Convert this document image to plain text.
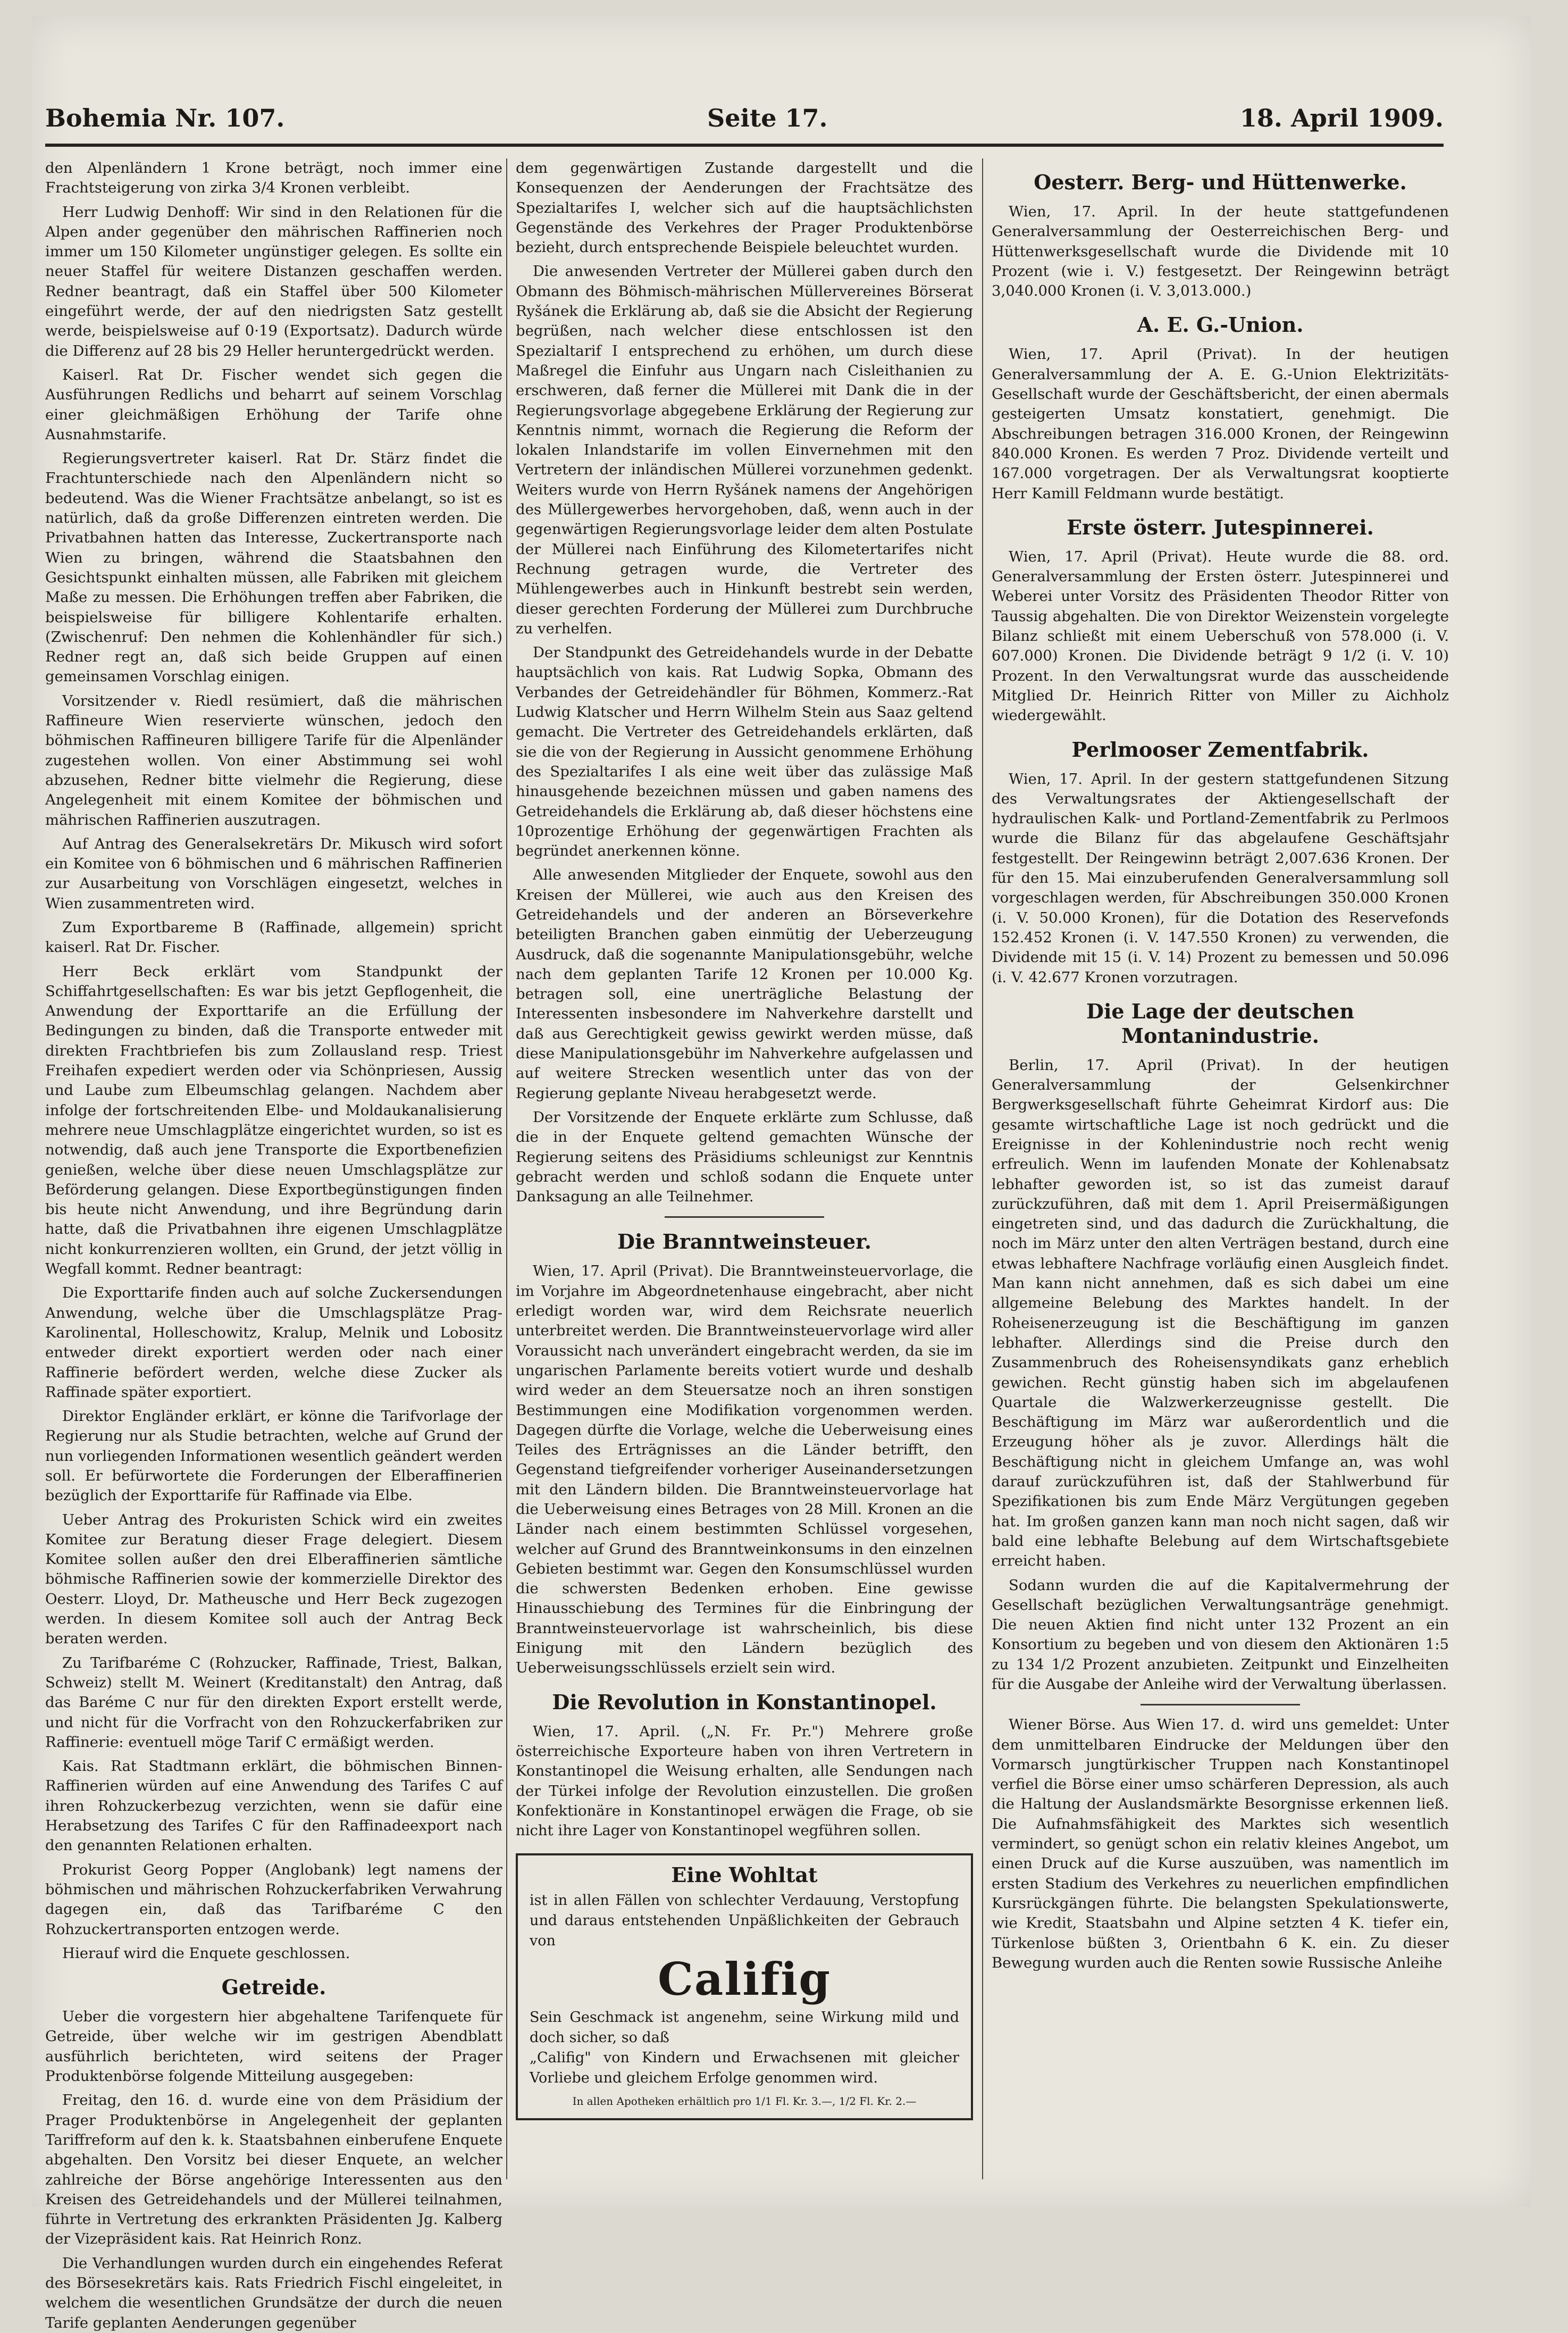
Bohemia Nr. 107.	Seite 17.	18. April 1909.

den Alpenländern 1 Krone beträgt, noch immer eine Frachtsteigerung von zirka 3/4 Kronen verbleibt.

Herr Ludwig Denhoff: Wir sind in den Relationen für die Alpen ander gegenüber den mährischen Raffinerien noch immer um 150 Kilometer ungünstiger gelegen. Es sollte ein neuer Staffel für weitere Distanzen geschaffen werden. Redner beantragt, daß ein Staffel über 500 Kilometer eingeführt werde, der auf den niedrigsten Satz gestellt werde, beispielsweise auf 0·19 (Exportsatz). Dadurch würde die Differenz auf 28 bis 29 Heller heruntergedrückt werden.

Kaiserl. Rat Dr. Fischer wendet sich gegen die Ausführungen Redlichs und beharrt auf seinem Vorschlag einer gleichmäßigen Erhöhung der Tarife ohne Ausnahmstarife.

Regierungsvertreter kaiserl. Rat Dr. Stärz findet die Frachtunterschiede nach den Alpenländern nicht so bedeutend. Was die Wiener Frachtsätze anbelangt, so ist es natürlich, daß da große Differenzen eintreten werden. Die Privatbahnen hatten das Interesse, Zuckertransporte nach Wien zu bringen, während die Staatsbahnen den Gesichtspunkt einhalten müssen, alle Fabriken mit gleichem Maße zu messen. Die Erhöhungen treffen aber Fabriken, die beispielsweise für billigere Kohlentarife erhalten. (Zwischenruf: Den nehmen die Kohlenhändler für sich.) Redner regt an, daß sich beide Gruppen auf einen gemeinsamen Vorschlag einigen.

Vorsitzender v. Riedl resümiert, daß die mährischen Raffineure Wien reservierte wünschen, jedoch den böhmischen Raffineuren billigere Tarife für die Alpenländer zugestehen wollen. Von einer Abstimmung sei wohl abzusehen, Redner bitte vielmehr die Regierung, diese Angelegenheit mit einem Komitee der böhmischen und mährischen Raffinerien auszutragen.

Auf Antrag des Generalsekretärs Dr. Mikusch wird sofort ein Komitee von 6 böhmischen und 6 mährischen Raffinerien zur Ausarbeitung von Vorschlägen eingesetzt, welches in Wien zusammentreten wird.

Zum Exportbareme B (Raffinade, allgemein) spricht kaiserl. Rat Dr. Fischer.

Herr Beck erklärt vom Standpunkt der Schiffahrtgesellschaften: Es war bis jetzt Gepflogenheit, die Anwendung der Exporttarife an die Erfüllung der Bedingungen zu binden, daß die Transporte entweder mit direkten Frachtbriefen bis zum Zollausland resp. Triest Freihafen expediert werden oder via Schönpriesen, Aussig und Laube zum Elbeumschlag gelangen. Nachdem aber infolge der fortschreitenden Elbe- und Moldaukanalisierung mehrere neue Umschlagplätze eingerichtet wurden, so ist es notwendig, daß auch jene Transporte die Exportbenefizien genießen, welche über diese neuen Umschlagsplätze zur Beförderung gelangen. Diese Exportbegünstigungen finden bis heute nicht Anwendung, und ihre Begründung darin hatte, daß die Privatbahnen ihre eigenen Umschlagplätze nicht konkurrenzieren wollten, ein Grund, der jetzt völlig in Wegfall kommt. Redner beantragt:

Die Exporttarife finden auch auf solche Zuckersendungen Anwendung, welche über die Umschlagsplätze Prag-Karolinental, Holleschowitz, Kralup, Melnik und Lobositz entweder direkt exportiert werden oder nach einer Raffinerie befördert werden, welche diese Zucker als Raffinade später exportiert.

Direktor Engländer erklärt, er könne die Tarifvorlage der Regierung nur als Studie betrachten, welche auf Grund der nun vorliegenden Informationen wesentlich geändert werden soll. Er befürwortete die Forderungen der Elberaffinerien bezüglich der Exporttarife für Raffinade via Elbe.

Ueber Antrag des Prokuristen Schick wird ein zweites Komitee zur Beratung dieser Frage delegiert. Diesem Komitee sollen außer den drei Elberaffinerien sämtliche böhmische Raffinerien sowie der kommerzielle Direktor des Oesterr. Lloyd, Dr. Matheusche und Herr Beck zugezogen werden. In diesem Komitee soll auch der Antrag Beck beraten werden.

Zu Tarifbaréme C (Rohzucker, Raffinade, Triest, Balkan, Schweiz) stellt M. Weinert (Kreditanstalt) den Antrag, daß das Baréme C nur für den direkten Export erstellt werde, und nicht für die Vorfracht von den Rohzuckerfabriken zur Raffinerie: eventuell möge Tarif C ermäßigt werden.

Kais. Rat Stadtmann erklärt, die böhmischen Binnen-Raffinerien würden auf eine Anwendung des Tarifes C auf ihren Rohzuckerbezug verzichten, wenn sie dafür eine Herabsetzung des Tarifes C für den Raffinadeexport nach den genannten Relationen erhalten.

Prokurist Georg Popper (Anglobank) legt namens der böhmischen und mährischen Rohzuckerfabriken Verwahrung dagegen ein, daß das Tarifbaréme C den Rohzuckertransporten entzogen werde.

Hierauf wird die Enquete geschlossen.

Getreide.

Ueber die vorgestern hier abgehaltene Tarifenquete für Getreide, über welche wir im gestrigen Abendblatt ausführlich berichteten, wird seitens der Prager Produktenbörse folgende Mitteilung ausgegeben:

Freitag, den 16. d. wurde eine von dem Präsidium der Prager Produktenbörse in Angelegenheit der geplanten Tariffreform auf den k. k. Staatsbahnen einberufene Enquete abgehalten. Den Vorsitz bei dieser Enquete, an welcher zahlreiche der Börse angehörige Interessenten aus den Kreisen des Getreidehandels und der Müllerei teilnahmen, führte in Vertretung des erkrankten Präsidenten Jg. Kalberg der Vizepräsident kais. Rat Heinrich Ronz.

Die Verhandlungen wurden durch ein eingehendes Referat des Börsesekretärs kais. Rats Friedrich Fischl eingeleitet, in welchem die wesentlichen Grundsätze der durch die neuen Tarife geplanten Aenderungen gegenüber

dem gegenwärtigen Zustande dargestellt und die Konsequenzen der Aenderungen der Frachtsätze des Spezialtarifes I, welcher sich auf die hauptsächlichsten Gegenstände des Verkehres der Prager Produktenbörse bezieht, durch entsprechende Beispiele beleuchtet wurden.

Die anwesenden Vertreter der Müllerei gaben durch den Obmann des Böhmisch-mährischen Müllervereines Börserat Ryšánek die Erklärung ab, daß sie die Absicht der Regierung begrüßen, nach welcher diese entschlossen ist den Spezialtarif I entsprechend zu erhöhen, um durch diese Maßregel die Einfuhr aus Ungarn nach Cisleithanien zu erschweren, daß ferner die Müllerei mit Dank die in der Regierungsvorlage abgegebene Erklärung der Regierung zur Kenntnis nimmt, wornach die Regierung die Reform der lokalen Inlandstarife im vollen Einvernehmen mit den Vertretern der inländischen Müllerei vorzunehmen gedenkt. Weiters wurde von Herrn Ryšánek namens der Angehörigen des Müllergewerbes hervorgehoben, daß, wenn auch in der gegenwärtigen Regierungsvorlage leider dem alten Postulate der Müllerei nach Einführung des Kilometertarifes nicht Rechnung getragen wurde, die Vertreter des Mühlengewerbes auch in Hinkunft bestrebt sein werden, dieser gerechten Forderung der Müllerei zum Durchbruche zu verhelfen.

Der Standpunkt des Getreidehandels wurde in der Debatte hauptsächlich von kais. Rat Ludwig Sopka, Obmann des Verbandes der Getreidehändler für Böhmen, Kommerz.-Rat Ludwig Klatscher und Herrn Wilhelm Stein aus Saaz geltend gemacht. Die Vertreter des Getreidehandels erklärten, daß sie die von der Regierung in Aussicht genommene Erhöhung des Spezialtarifes I als eine weit über das zulässige Maß hinausgehende bezeichnen müssen und gaben namens des Getreidehandels die Erklärung ab, daß dieser höchstens eine 10prozentige Erhöhung der gegenwärtigen Frachten als begründet anerkennen könne.

Alle anwesenden Mitglieder der Enquete, sowohl aus den Kreisen der Müllerei, wie auch aus den Kreisen des Getreidehandels und der anderen an Börseverkehre beteiligten Branchen gaben einmütig der Ueberzeugung Ausdruck, daß die sogenannte Manipulationsgebühr, welche nach dem geplanten Tarife 12 Kronen per 10.000 Kg. betragen soll, eine unerträgliche Belastung der Interessenten insbesondere im Nahverkehre darstellt und daß aus Gerechtigkeit gewiss gewirkt werden müsse, daß diese Manipulationsgebühr im Nahverkehre aufgelassen und auf weitere Strecken wesentlich unter das von der Regierung geplante Niveau herabgesetzt werde.

Der Vorsitzende der Enquete erklärte zum Schlusse, daß die in der Enquete geltend gemachten Wünsche der Regierung seitens des Präsidiums schleunigst zur Kenntnis gebracht werden und schloß sodann die Enquete unter Danksagung an alle Teilnehmer.

Die Branntweinsteuer.

Wien, 17. April (Privat). Die Branntweinsteuervorlage, die im Vorjahre im Abgeordnetenhause eingebracht, aber nicht erledigt worden war, wird dem Reichsrate neuerlich unterbreitet werden. Die Branntweinsteuervorlage wird aller Voraussicht nach unverändert eingebracht werden, da sie im ungarischen Parlamente bereits votiert wurde und deshalb wird weder an dem Steuersatze noch an ihren sonstigen Bestimmungen eine Modifikation vorgenommen werden. Dagegen dürfte die Vorlage, welche die Ueberweisung eines Teiles des Erträgnisses an die Länder betrifft, den Gegenstand tiefgreifender vorheriger Auseinandersetzungen mit den Ländern bilden. Die Branntweinsteuervorlage hat die Ueberweisung eines Betrages von 28 Mill. Kronen an die Länder nach einem bestimmten Schlüssel vorgesehen, welcher auf Grund des Branntweinkonsums in den einzelnen Gebieten bestimmt war. Gegen den Konsumschlüssel wurden die schwersten Bedenken erhoben. Eine gewisse Hinausschiebung des Termines für die Einbringung der Branntweinsteuervorlage ist wahrscheinlich, bis diese Einigung mit den Ländern bezüglich des Ueberweisungsschlüssels erzielt sein wird.

Die Revolution in Konstantinopel.

Wien, 17. April. („N. Fr. Pr.") Mehrere große österreichische Exporteure haben von ihren Vertretern in Konstantinopel die Weisung erhalten, alle Sendungen nach der Türkei infolge der Revolution einzustellen. Die großen Konfektionäre in Konstantinopel erwägen die Frage, ob sie nicht ihre Lager von Konstantinopel wegführen sollen.

Eine Wohltat
ist in allen Fällen von schlechter Verdauung, Verstopfung und daraus entstehenden Unpäßlichkeiten der Gebrauch von
Califig
Sein Geschmack ist angenehm, seine Wirkung mild und doch sicher, so daß
„Califig" von Kindern und Erwachsenen mit gleicher Vorliebe und gleichem Erfolge genommen wird.
In allen Apotheken erhältlich pro 1/1 Fl. Kr. 3.—, 1/2 Fl. Kr. 2.—
Oesterr. Berg- und Hüttenwerke.

Wien, 17. April. In der heute stattgefundenen Generalversammlung der Oesterreichischen Berg- und Hüttenwerksgesellschaft wurde die Dividende mit 10 Prozent (wie i. V.) festgesetzt. Der Reingewinn beträgt 3,040.000 Kronen (i. V. 3,013.000.)

A. E. G.-Union.

Wien, 17. April (Privat). In der heutigen Generalversammlung der A. E. G.-Union Elektrizitäts-Gesellschaft wurde der Geschäftsbericht, der einen abermals gesteigerten Umsatz konstatiert, genehmigt. Die Abschreibungen betragen 316.000 Kronen, der Reingewinn 840.000 Kronen. Es werden 7 Proz. Dividende verteilt und 167.000 vorgetragen. Der als Verwaltungsrat kooptierte Herr Kamill Feldmann wurde bestätigt.

Erste österr. Jutespinnerei.

Wien, 17. April (Privat). Heute wurde die 88. ord. Generalversammlung der Ersten österr. Jutespinnerei und Weberei unter Vorsitz des Präsidenten Theodor Ritter von Taussig abgehalten. Die von Direktor Weizenstein vorgelegte Bilanz schließt mit einem Ueberschuß von 578.000 (i. V. 607.000) Kronen. Die Dividende beträgt 9 1/2 (i. V. 10) Prozent. In den Verwaltungsrat wurde das ausscheidende Mitglied Dr. Heinrich Ritter von Miller zu Aichholz wiedergewählt.

Perlmooser Zementfabrik.

Wien, 17. April. In der gestern stattgefundenen Sitzung des Verwaltungsrates der Aktiengesellschaft der hydraulischen Kalk- und Portland-Zementfabrik zu Perlmoos wurde die Bilanz für das abgelaufene Geschäftsjahr festgestellt. Der Reingewinn beträgt 2,007.636 Kronen. Der für den 15. Mai einzuberufenden Generalversammlung soll vorgeschlagen werden, für Abschreibungen 350.000 Kronen (i. V. 50.000 Kronen), für die Dotation des Reservefonds 152.452 Kronen (i. V. 147.550 Kronen) zu verwenden, die Dividende mit 15 (i. V. 14) Prozent zu bemessen und 50.096 (i. V. 42.677 Kronen vorzutragen.

Die Lage der deutschen Montanindustrie.

Berlin, 17. April (Privat). In der heutigen Generalversammlung der Gelsenkirchner Bergwerksgesellschaft führte Geheimrat Kirdorf aus: Die gesamte wirtschaftliche Lage ist noch gedrückt und die Ereignisse in der Kohlenindustrie noch recht wenig erfreulich. Wenn im laufenden Monate der Kohlenabsatz lebhafter geworden ist, so ist das zumeist darauf zurückzuführen, daß mit dem 1. April Preisermäßigungen eingetreten sind, und das dadurch die Zurückhaltung, die noch im März unter den alten Verträgen bestand, durch eine etwas lebhaftere Nachfrage vorläufig einen Ausgleich findet. Man kann nicht annehmen, daß es sich dabei um eine allgemeine Belebung des Marktes handelt. In der Roheisenerzeugung ist die Beschäftigung im ganzen lebhafter. Allerdings sind die Preise durch den Zusammenbruch des Roheisensyndikats ganz erheblich gewichen. Recht günstig haben sich im abgelaufenen Quartale die Walzwerkerzeugnisse gestellt. Die Beschäftigung im März war außerordentlich und die Erzeugung höher als je zuvor. Allerdings hält die Beschäftigung nicht in gleichem Umfange an, was wohl darauf zurückzuführen ist, daß der Stahlwerbund für Spezifikationen bis zum Ende März Vergütungen gegeben hat. Im großen ganzen kann man noch nicht sagen, daß wir bald eine lebhafte Belebung auf dem Wirtschaftsgebiete erreicht haben.

Sodann wurden die auf die Kapitalvermehrung der Gesellschaft bezüglichen Verwaltungsanträge genehmigt. Die neuen Aktien find nicht unter 132 Prozent an ein Konsortium zu begeben und von diesem den Aktionären 1:5 zu 134 1/2 Prozent anzubieten. Zeitpunkt und Einzelheiten für die Ausgabe der Anleihe wird der Verwaltung überlassen.

Wiener Börse. Aus Wien 17. d. wird uns gemeldet: Unter dem unmittelbaren Eindrucke der Meldungen über den Vormarsch jungtürkischer Truppen nach Konstantinopel verfiel die Börse einer umso schärferen Depression, als auch die Haltung der Auslandsmärkte Besorgnisse erkennen ließ. Die Aufnahmsfähigkeit des Marktes sich wesentlich vermindert, so genügt schon ein relativ kleines Angebot, um einen Druck auf die Kurse auszuüben, was namentlich im ersten Stadium des Verkehres zu neuerlichen empfindlichen Kursrückgängen führte. Die belangsten Spekulationswerte, wie Kredit, Staatsbahn und Alpine setzten 4 K. tiefer ein, Türkenlose büßten 3, Orientbahn 6 K. ein. Zu dieser Bewegung wurden auch die Renten sowie Russische Anleihe
